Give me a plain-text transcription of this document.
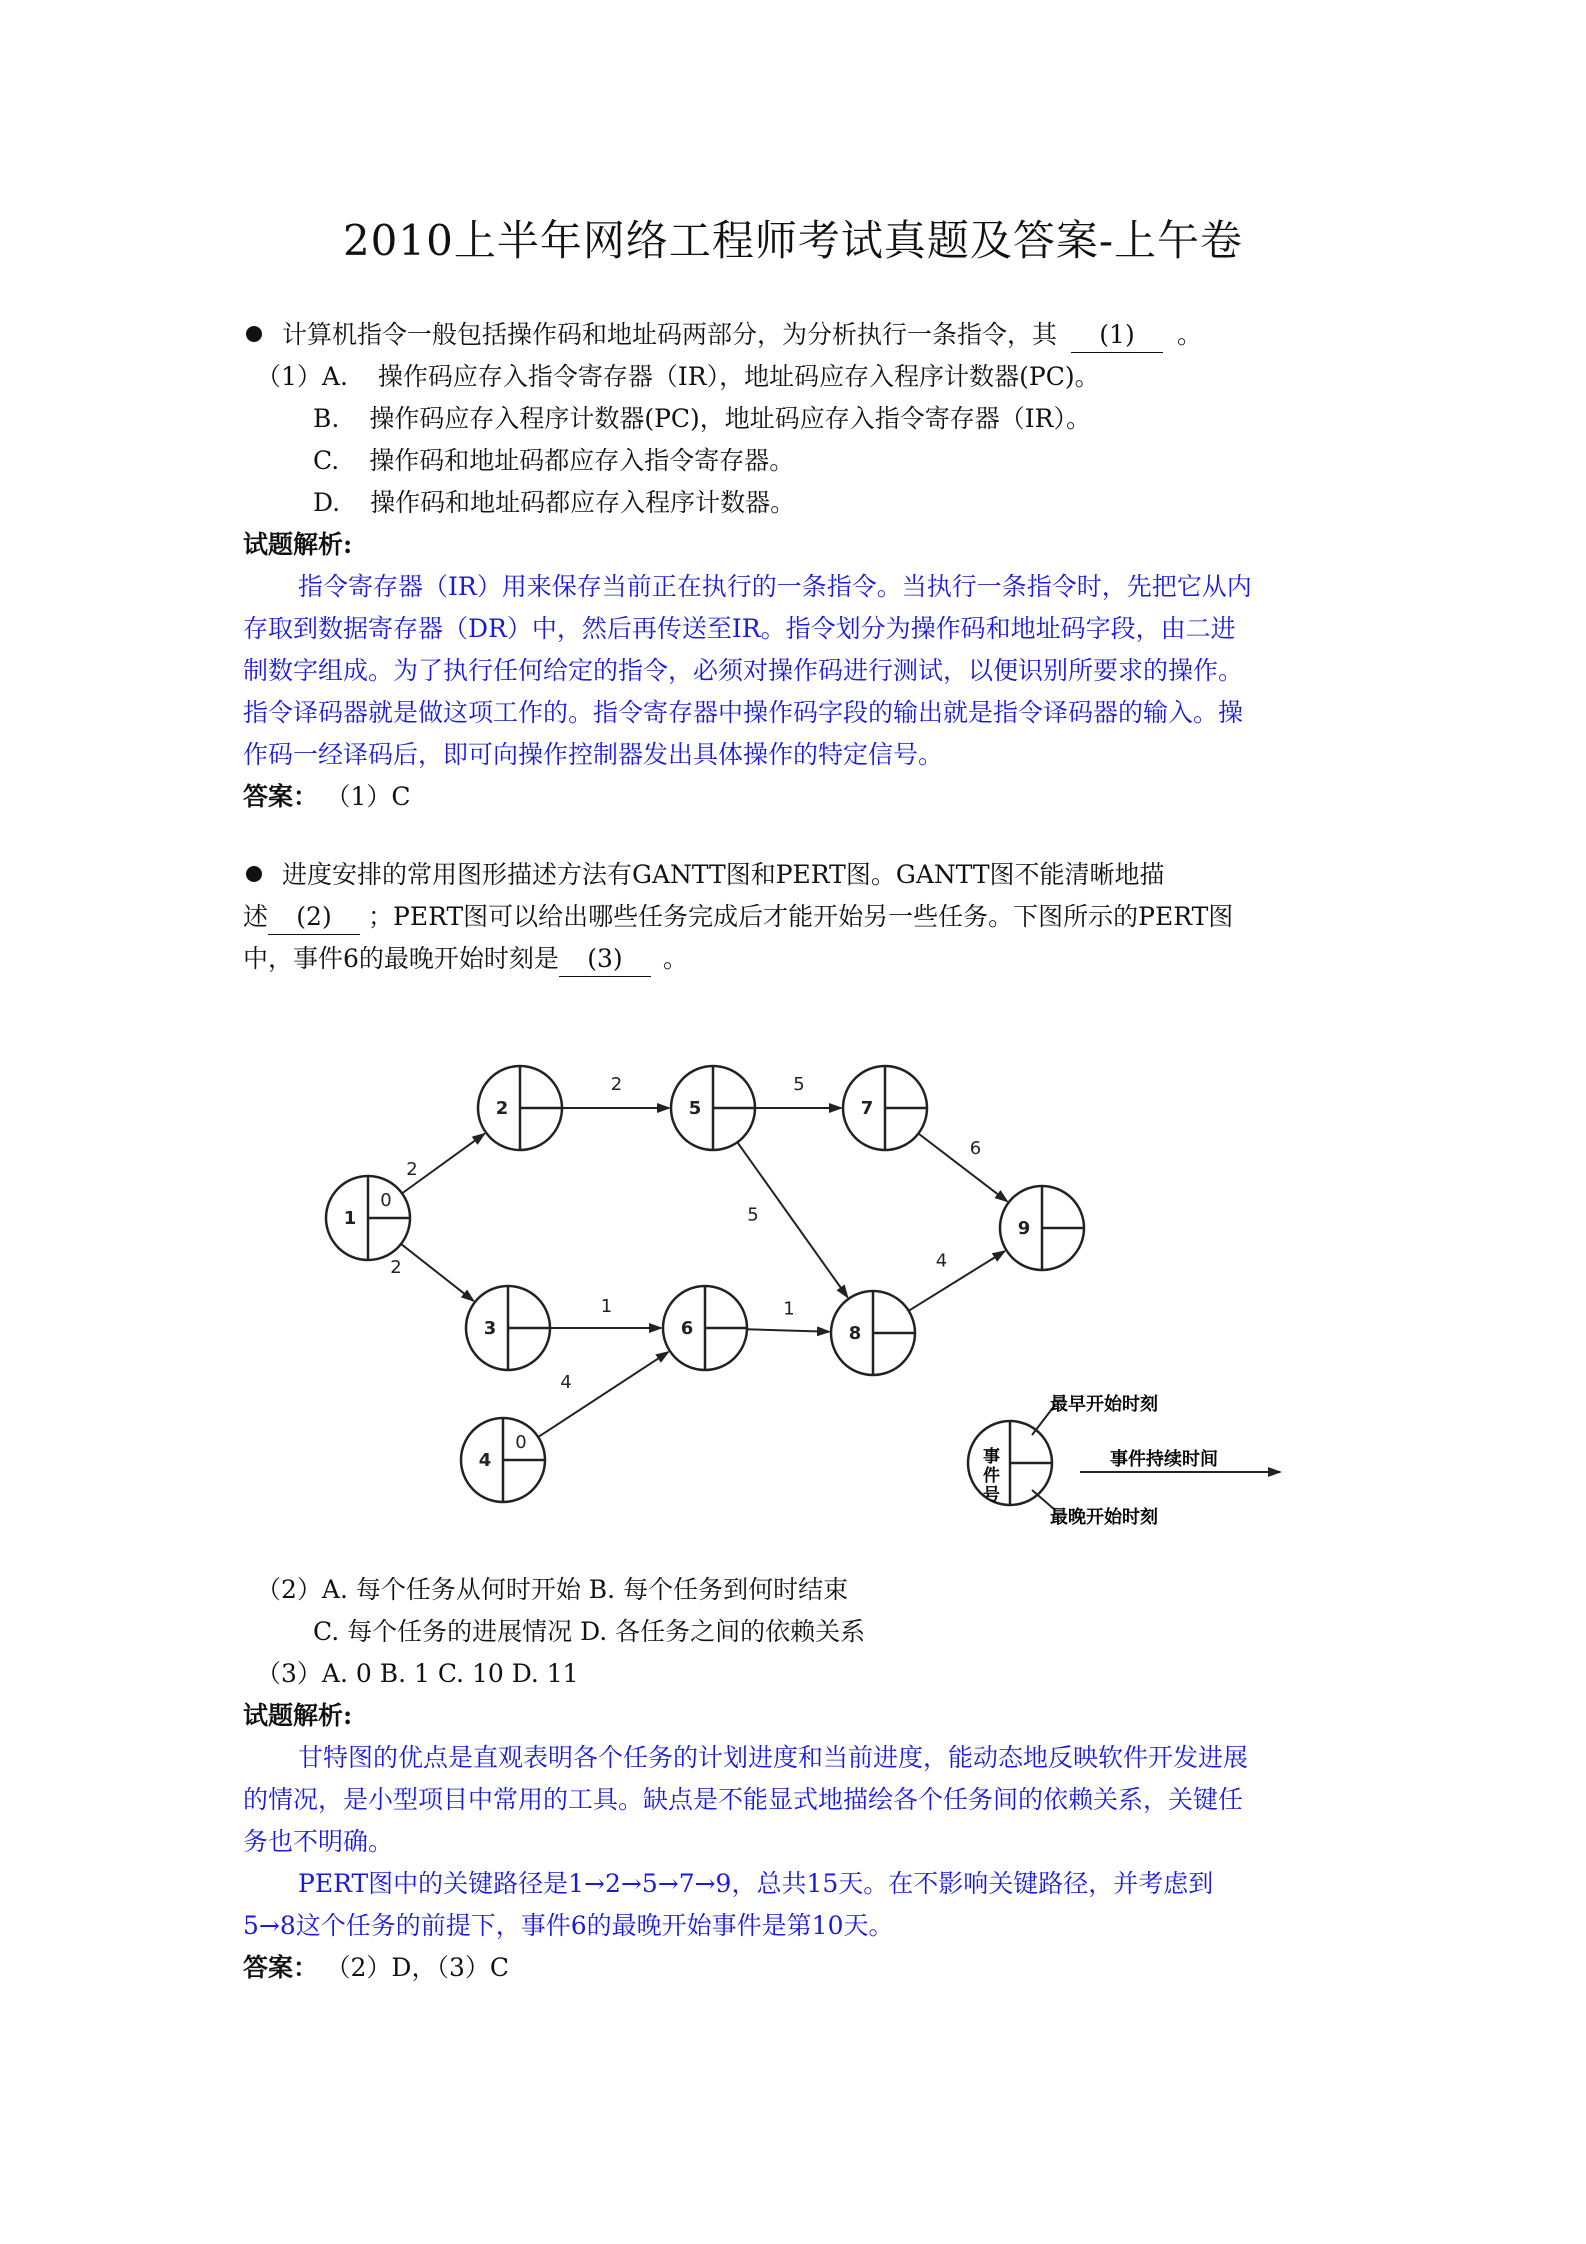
2010上半年网络工程师考试真题及答案-上午卷
计算机指令一般包括操作码和地址码两部分，为分析执行一条指令，其 (1) 。
（1）A. 操作码应存入指令寄存器（IR），地址码应存入程序计数器(PC)。
B. 操作码应存入程序计数器(PC)，地址码应存入指令寄存器（IR）。
C. 操作码和地址码都应存入指令寄存器。
D. 操作码和地址码都应存入程序计数器。
试题解析:
指令寄存器（IR）用来保存当前正在执行的一条指令。当执行一条指令时，先把它从内
存取到数据寄存器（DR）中，然后再传送至IR。指令划分为操作码和地址码字段，由二进
制数字组成。为了执行任何给定的指令，必须对操作码进行测试，以便识别所要求的操作。
指令译码器就是做这项工作的。指令寄存器中操作码字段的输出就是指令译码器的输入。操
作码一经译码后，即可向操作控制器发出具体操作的特定信号。
答案： （1）C
进度安排的常用图形描述方法有GANTT图和PERT图。GANTT图不能清晰地描
述 (2) ；PERT图可以给出哪些任务完成后才能开始另一些任务。下图所示的PERT图
中，事件6的最晚开始时刻是 (3) 。
2
2
2	5
5
6
1
4
1
4
1
0
2
3
4
0
5
6
7
8
9
事件号
最早开始时刻
最晚开始时刻
事件持续时间
（2）A. 每个任务从何时开始 B. 每个任务到何时结束
C. 每个任务的进展情况 D. 各任务之间的依赖关系
（3）A. 0 B. 1 C. 10 D. 11
试题解析:
甘特图的优点是直观表明各个任务的计划进度和当前进度，能动态地反映软件开发进展
的情况，是小型项目中常用的工具。缺点是不能显式地描绘各个任务间的依赖关系，关键任
务也不明确。
PERT图中的关键路径是1→2→5→7→9，总共15天。在不影响关键路径，并考虑到
5→8这个任务的前提下，事件6的最晚开始事件是第10天。
答案： （2）D，（3）C
